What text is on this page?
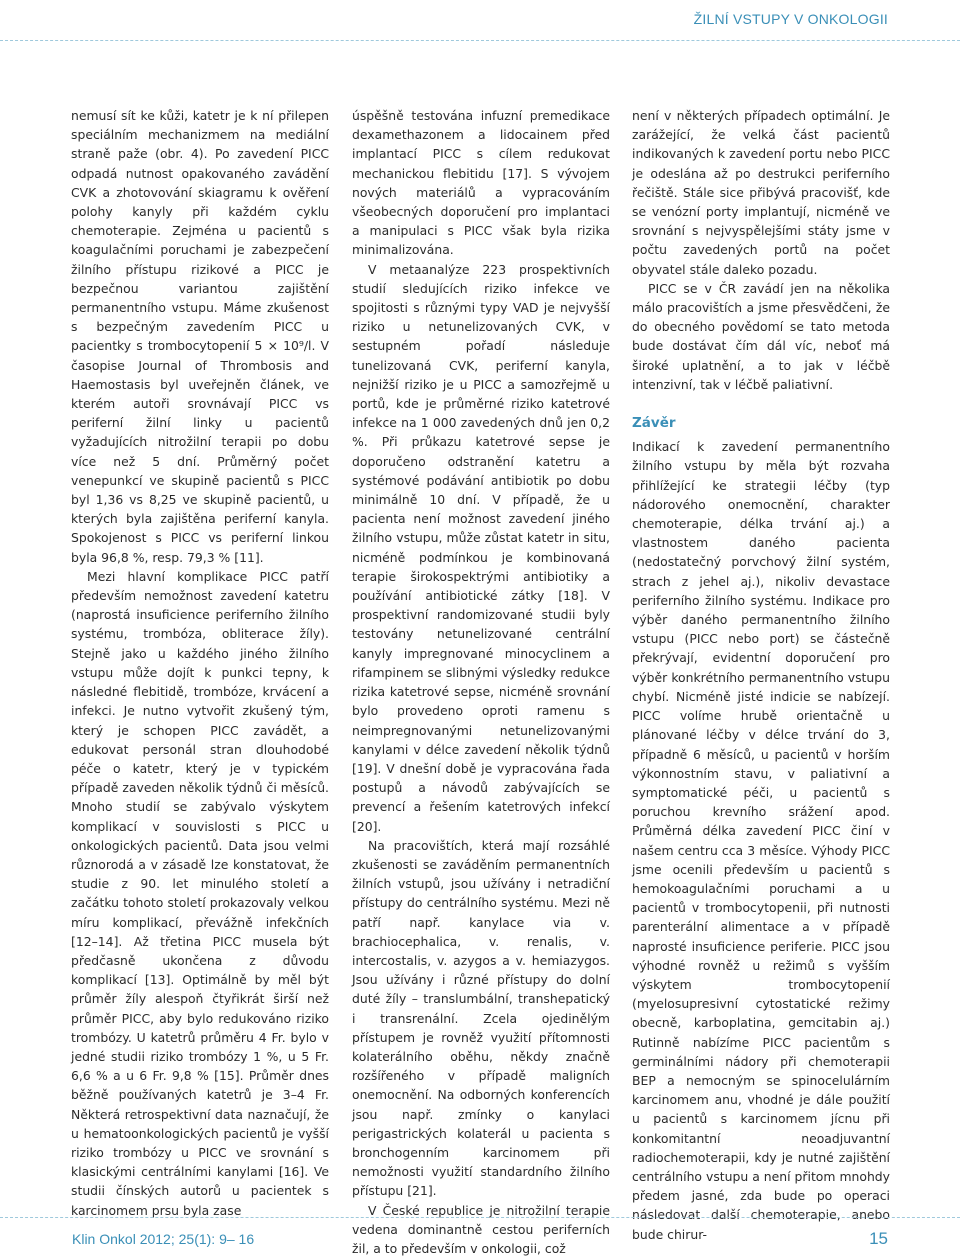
ŽILNÍ VSTUPY V ONKOLOGII

nemusí sít ke kůži, katetr je k ní přilepen speciálním mechanizmem na mediální straně paže (obr. 4). Po zavedení PICC odpadá nutnost opakovaného zavádění CVK a zhotovování skiagramu k ověření polohy kanyly při každém cyklu chemoterapie. Zejména u pacientů s koagulačními poruchami je zabezpečení žilního přístupu rizikové a PICC je bezpečnou variantou zajištění permanentního vstupu. Máme zkušenost s bezpečným zavedením PICC u pacientky s trombocytopenií 5 × 10⁹/l. V časopise Journal of Thrombosis and Haemostasis byl uveřejněn článek, ve kterém autoři srovnávají PICC vs periferní žilní linky u pacientů vyžadujících nitrožilní terapii po dobu více než 5 dní. Průměrný počet venepunkcí ve skupině pacientů s PICC byl 1,36 vs 8,25 ve skupině pacientů, u kterých byla zajištěna periferní kanyla. Spokojenost s PICC vs periferní linkou byla 96,8 %, resp. 79,3 % [11].

Mezi hlavní komplikace PICC patří především nemožnost zavedení katetru (naprostá insuficience periferního žilního systému, trombóza, obliterace žíly). Stejně jako u každého jiného žilního vstupu může dojít k punkci tepny, k následné flebitidě, trombóze, krvácení a infekci. Je nutno vytvořit zkušený tým, který je schopen PICC zavádět, a edukovat personál stran dlouhodobé péče o katetr, který je v typickém případě zaveden několik týdnů či měsíců. Mnoho studií se zabývalo výskytem komplikací v souvislosti s PICC u onkologických pacientů. Data jsou velmi různorodá a v zásadě lze konstatovat, že studie z 90. let minulého století a začátku tohoto století prokazovaly velkou míru komplikací, převážně infekčních [12–14]. Až třetina PICC musela být předčasně ukončena z důvodu komplikací [13]. Optimálně by měl být průměr žíly alespoň čtyřikrát širší než průměr PICC, aby bylo redukováno riziko trombózy. U katetrů průměru 4 Fr. bylo v jedné studii riziko trombózy 1 %, u 5 Fr. 6,6 % a u 6 Fr. 9,8 % [15]. Průměr dnes běžně používaných katetrů je 3–4 Fr. Některá retrospektivní data naznačují, že u hematoonkologických pacientů je vyšší riziko trombózy u PICC ve srovnání s klasickými centrálními kanylami [16]. Ve studii čínských autorů u pacientek s karcinomem prsu byla zase

úspěšně testována infuzní premedikace dexamethazonem a lidocainem před implantací PICC s cílem redukovat mechanickou flebitidu [17]. S vývojem nových materiálů a vypracováním všeobecných doporučení pro implantaci a manipulaci s PICC však byla rizika minimalizována.

V metaanalýze 223 prospektivních studií sledujících riziko infekce ve spojitosti s různými typy VAD je nejvyšší riziko u netunelizovaných CVK, v sestupném pořadí následuje tunelizovaná CVK, periferní kanyla, nejnižší riziko je u PICC a samozřejmě u portů, kde je průměrné riziko katetrové infekce na 1 000 zavedených dnů jen 0,2 %. Při průkazu katetrové sepse je doporučeno odstranění katetru a systémové podávání antibiotik po dobu minimálně 10 dní. V případě, že u pacienta není možnost zavedení jiného žilního vstupu, může zůstat katetr in situ, nicméně podmínkou je kombinovaná terapie širokospektrými antibiotiky a používání antibiotické zátky [18]. V prospektivní randomizované studii byly testovány netunelizované centrální kanyly impregnované minocyclinem a rifampinem se slibnými výsledky redukce rizika katetrové sepse, nicméně srovnání bylo provedeno oproti ramenu s neimpregnovanými netunelizovanými kanylami v délce zavedení několik týdnů [19]. V dnešní době je vypracována řada postupů a návodů zabývajících se prevencí a řešením katetrových infekcí [20].

Na pracovištích, která mají rozsáhlé zkušenosti se zaváděním permanentních žilních vstupů, jsou užívány i netradiční přístupy do centrálního systému. Mezi ně patří např. kanylace via v. brachiocephalica, v. renalis, v. intercostalis, v. azygos a v. hemiazygos. Jsou užívány i různé přístupy do dolní duté žíly – translumbální, transhepatický i transrenální. Zcela ojedinělým přístupem je rovněž využití přítomnosti kolaterálního oběhu, někdy značně rozšířeného v případě maligních onemocnění. Na odborných konferencích jsou např. zmínky o kanylaci perigastrických kolaterál u pacienta s bronchogenním karcinomem při nemožnosti využití standardního žilního přístupu [21].

V České republice je nitrožilní terapie vedena dominantně cestou periferních žil, a to především v onkologii, což

není v některých případech optimální. Je zarážející, že velká část pacientů indikovaných k zavedení portu nebo PICC je odeslána až po destrukci periferního řečiště. Stále sice přibývá pracovišť, kde se venózní porty implantují, nicméně ve srovnání s nejvyspělejšími státy jsme v počtu zavedených portů na počet obyvatel stále daleko pozadu.

PICC se v ČR zavádí jen na několika málo pracovištích a jsme přesvědčeni, že do obecného povědomí se tato metoda bude dostávat čím dál víc, neboť má široké uplatnění, a to jak v léčbě intenzivní, tak v léčbě paliativní.

Závěr

Indikací k zavedení permanentního žilního vstupu by měla být rozvaha přihlížející ke strategii léčby (typ nádorového onemocnění, charakter chemoterapie, délka trvání aj.) a vlastnostem daného pacienta (nedostatečný porvchový žilní systém, strach z jehel aj.), nikoliv devastace periferního žilního systému. Indikace pro výběr daného permanentního žilního vstupu (PICC nebo port) se částečně překrývají, evidentní doporučení pro výběr konkrétního permanentního vstupu chybí. Nicméně jisté indicie se nabízejí. PICC volíme hrubě orientačně u plánované léčby v délce trvání do 3, případně 6 měsíců, u pacientů v horším výkonnostním stavu, v paliativní a symptomatické péči, u pacientů s poruchou krevního srážení apod. Průměrná délka zavedení PICC činí v našem centru cca 3 měsíce. Výhody PICC jsme ocenili především u pacientů s hemokoagulačními poruchami a u pacientů v trombocytopenii, při nutnosti parenterální alimentace a v případě naprosté insuficience periferie. PICC jsou výhodné rovněž u režimů s vyšším výskytem trombocytopenií (myelosupresivní cytostatické režimy obecně, karboplatina, gemcitabin aj.) Rutinně nabízíme PICC pacientům s germinálními nádory při chemoterapii BEP a nemocným se spinocelulárním karcinomem anu, vhodné je dále použití u pacientů s karcinomem jícnu při konkomitantní neoadjuvantní radiochemoterapii, kdy je nutné zajištění centrálního vstupu a není přitom mnohdy předem jasné, zda bude po operaci následovat další chemoterapie, anebo bude chirur-

Klin Onkol 2012; 25(1): 9– 16	15
